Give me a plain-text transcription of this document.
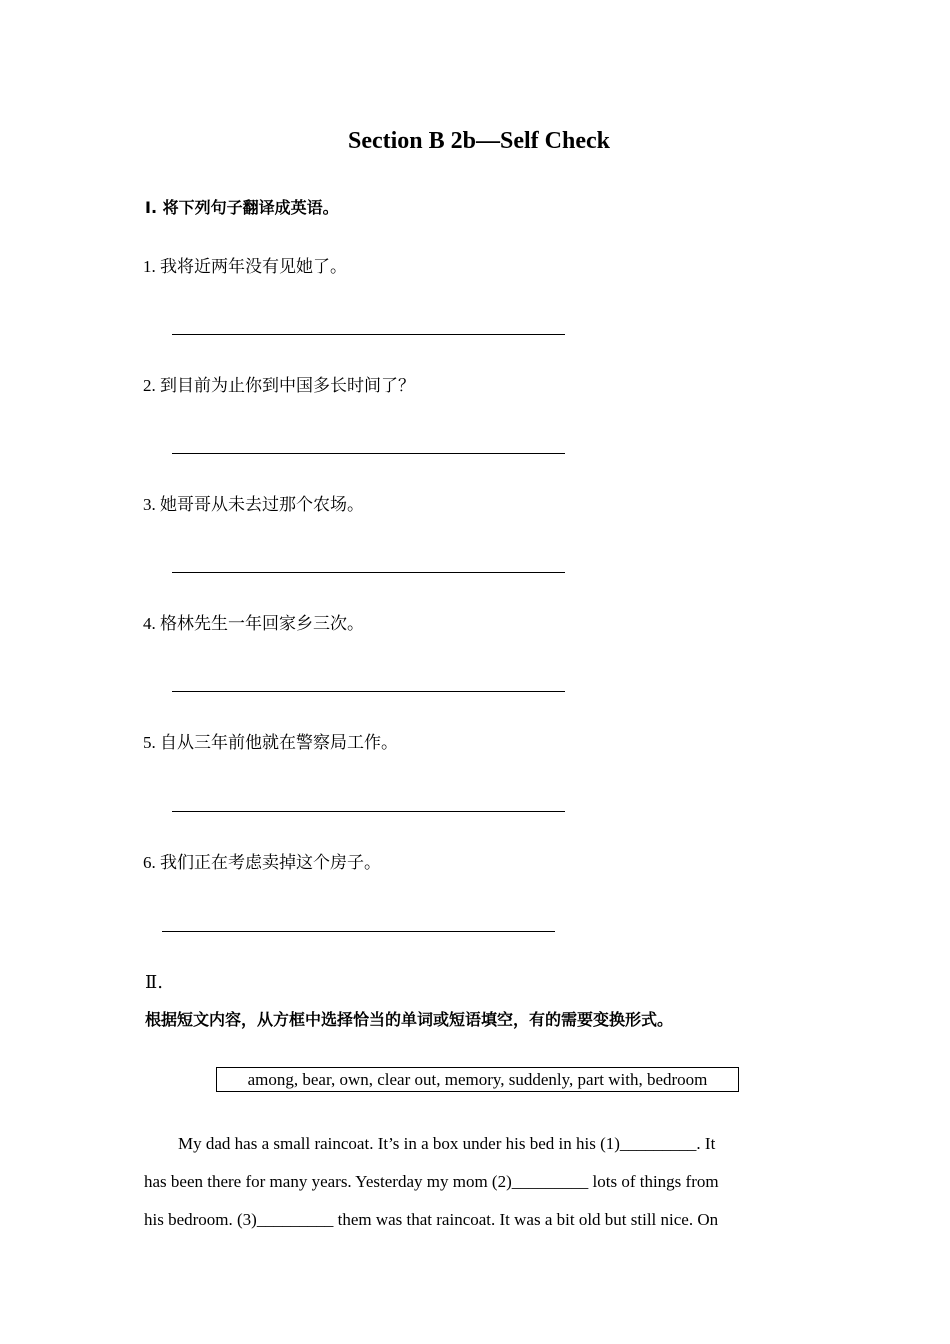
Section B 2b—Self Check
Ⅰ. 将下列句子翻译成英语。
1. 我将近两年没有见她了。
2. 到目前为止你到中国多长时间了？
3. 她哥哥从未去过那个农场。
4. 格林先生一年回家乡三次。
5. 自从三年前他就在警察局工作。
6. 我们正在考虑卖掉这个房子。
Ⅱ.
根据短文内容，从方框中选择恰当的单词或短语填空，有的需要变换形式。
among, bear, own, clear out, memory, suddenly, part with, bedroom
My dad has a small raincoat. It’s in a box under his bed in his (1)_________. It
has been there for many years. Yesterday my mom (2)_________ lots of things from
his bedroom. (3)_________ them was that raincoat. It was a bit old but still nice. On
